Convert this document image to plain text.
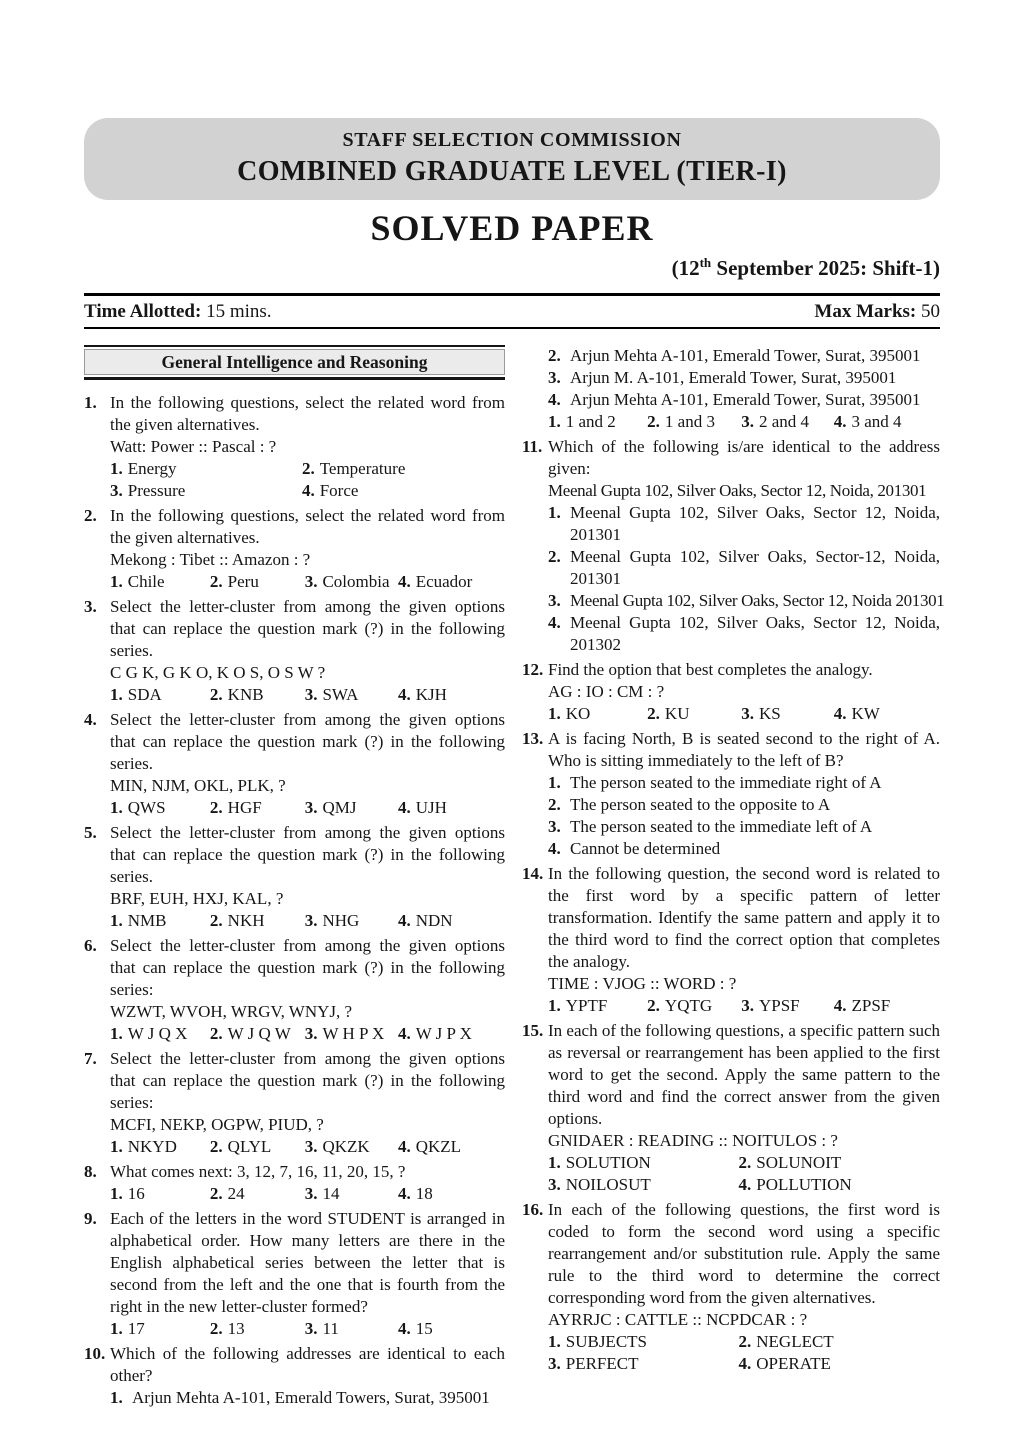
STAFF SELECTION COMMISSION
COMBINED GRADUATE LEVEL (TIER-I)
SOLVED PAPER
(12th September 2025: Shift-1)
Time Allotted: 15 mins.	Max Marks: 50
General Intelligence and Reasoning
1. In the following questions, select the related word from the given alternatives.
Watt: Power :: Pascal : ?
1. Energy	2. Temperature
3. Pressure	4. Force
2. In the following questions, select the related word from the given alternatives.
Mekong : Tibet :: Amazon : ?
1. Chile	2. Peru	3. Colombia 4. Ecuador
3. Select the letter-cluster from among the given options that can replace the question mark (?) in the following series.
C G K, G K O, K O S, O S W ?
1. SDA	2. KNB	3. SWA	4. KJH
4. Select the letter-cluster from among the given options that can replace the question mark (?) in the following series.
MIN, NJM, OKL, PLK, ?
1. QWS	2. HGF	3. QMJ	4. UJH
5. Select the letter-cluster from among the given options that can replace the question mark (?) in the following series.
BRF, EUH, HXJ, KAL, ?
1. NMB	2. NKH	3. NHG	4. NDN
6. Select the letter-cluster from among the given options that can replace the question mark (?) in the following series:
WZWT, WVOH, WRGV, WNYJ, ?
1. W J Q X	2. W J Q W 3. W H P X 4. W J P X
7. Select the letter-cluster from among the given options that can replace the question mark (?) in the following series:
MCFI, NEKP, OGPW, PIUD, ?
1. NKYD	2. QLYL	3. QKZK	4. QKZL
8. What comes next: 3, 12, 7, 16, 11, 20, 15, ?
1. 16	2. 24	3. 14	4. 18
9. Each of the letters in the word STUDENT is arranged in alphabetical order. How many letters are there in the English alphabetical series between the letter that is second from the left and the one that is fourth from the right in the new letter-cluster formed?
1. 17	2. 13	3. 11	4. 15
10. Which of the following addresses are identical to each other?
1. Arjun Mehta A-101, Emerald Towers, Surat, 395001
2. Arjun Mehta A-101, Emerald Tower, Surat, 395001
3. Arjun M. A-101, Emerald Tower, Surat, 395001
4. Arjun Mehta A-101, Emerald Tower, Surat, 395001
1. 1 and 2	2. 1 and 3	3. 2 and 4	4. 3 and 4
11. Which of the following is/are identical to the address given:
Meenal Gupta 102, Silver Oaks, Sector 12, Noida, 201301
1. Meenal Gupta 102, Silver Oaks, Sector 12, Noida, 201301
2. Meenal Gupta 102, Silver Oaks, Sector-12, Noida, 201301
3. Meenal Gupta 102, Silver Oaks, Sector 12, Noida 201301
4. Meenal Gupta 102, Silver Oaks, Sector 12, Noida, 201302
12. Find the option that best completes the analogy.
AG : IO : CM : ?
1. KO	2. KU	3. KS	4. KW
13. A is facing North, B is seated second to the right of A. Who is sitting immediately to the left of B?
1. The person seated to the immediate right of A
2. The person seated to the opposite to A
3. The person seated to the immediate left of A
4. Cannot be determined
14. In the following question, the second word is related to the first word by a specific pattern of letter transformation. Identify the same pattern and apply it to the third word to find the correct option that completes the analogy.
TIME : VJOG :: WORD : ?
1. YPTF	2. YQTG	3. YPSF	4. ZPSF
15. In each of the following questions, a specific pattern such as reversal or rearrangement has been applied to the first word to get the second. Apply the same pattern to the third word and find the correct answer from the given options.
GNIDAER : READING :: NOITULOS : ?
1. SOLUTION	2. SOLUNOIT
3. NOILOSUT	4. POLLUTION
16. In each of the following questions, the first word is coded to form the second word using a specific rearrangement and/or substitution rule. Apply the same rule to the third word to determine the correct corresponding word from the given alternatives.
AYRRJC : CATTLE :: NCPDCAR : ?
1. SUBJECTS	2. NEGLECT
3. PERFECT	4. OPERATE
